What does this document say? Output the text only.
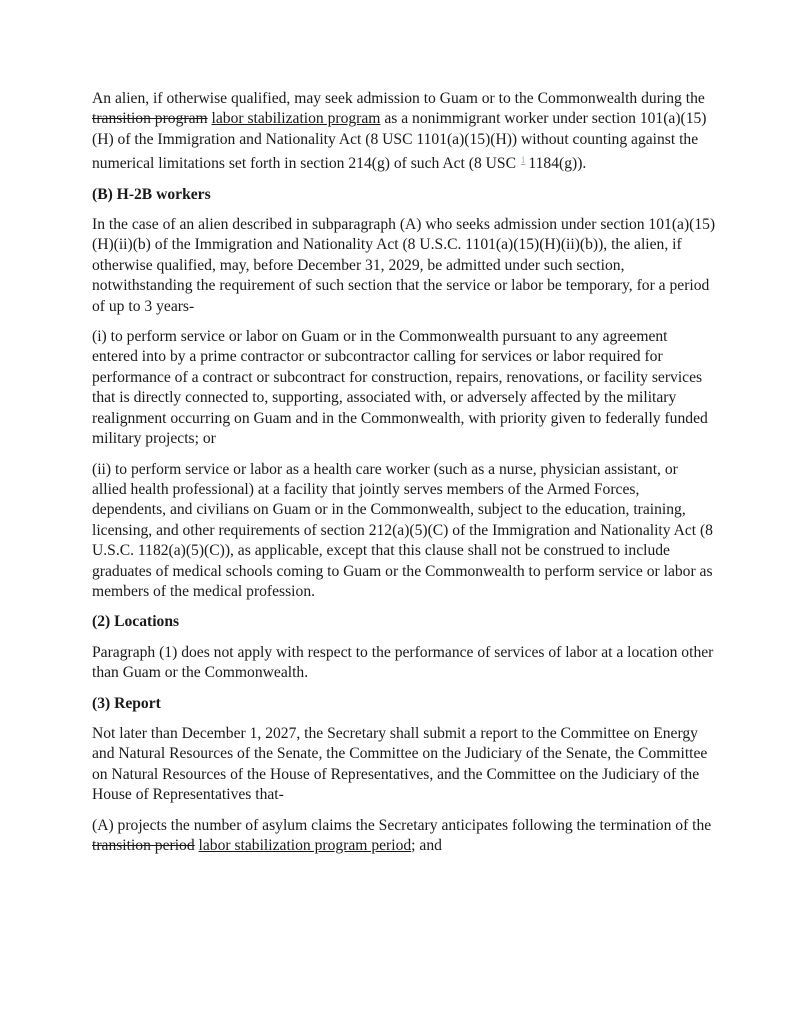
An alien, if otherwise qualified, may seek admission to Guam or to the Commonwealth during the transition program labor stabilization program as a nonimmigrant worker under section 101(a)(15)(H) of the Immigration and Nationality Act (8 USC 1101(a)(15)(H)) without counting against the numerical limitations set forth in section 214(g) of such Act (8 USC $^1$ 1184(g)).

(B) H-2B workers

In the case of an alien described in subparagraph (A) who seeks admission under section 101(a)(15)(H)(ii)(b) of the Immigration and Nationality Act (8 U.S.C. 1101(a)(15)(H)(ii)(b)), the alien, if otherwise qualified, may, before December 31, 2029, be admitted under such section, notwithstanding the requirement of such section that the service or labor be temporary, for a period of up to 3 years-

(i) to perform service or labor on Guam or in the Commonwealth pursuant to any agreement entered into by a prime contractor or subcontractor calling for services or labor required for performance of a contract or subcontract for construction, repairs, renovations, or facility services that is directly connected to, supporting, associated with, or adversely affected by the military realignment occurring on Guam and in the Commonwealth, with priority given to federally funded military projects; or

(ii) to perform service or labor as a health care worker (such as a nurse, physician assistant, or allied health professional) at a facility that jointly serves members of the Armed Forces, dependents, and civilians on Guam or in the Commonwealth, subject to the education, training, licensing, and other requirements of section 212(a)(5)(C) of the Immigration and Nationality Act (8 U.S.C. 1182(a)(5)(C)), as applicable, except that this clause shall not be construed to include graduates of medical schools coming to Guam or the Commonwealth to perform service or labor as members of the medical profession.

(2) Locations

Paragraph (1) does not apply with respect to the performance of services of labor at a location other than Guam or the Commonwealth.

(3) Report

Not later than December 1, 2027, the Secretary shall submit a report to the Committee on Energy and Natural Resources of the Senate, the Committee on the Judiciary of the Senate, the Committee on Natural Resources of the House of Representatives, and the Committee on the Judiciary of the House of Representatives that-

(A) projects the number of asylum claims the Secretary anticipates following the termination of the transition period labor stabilization program period; and
